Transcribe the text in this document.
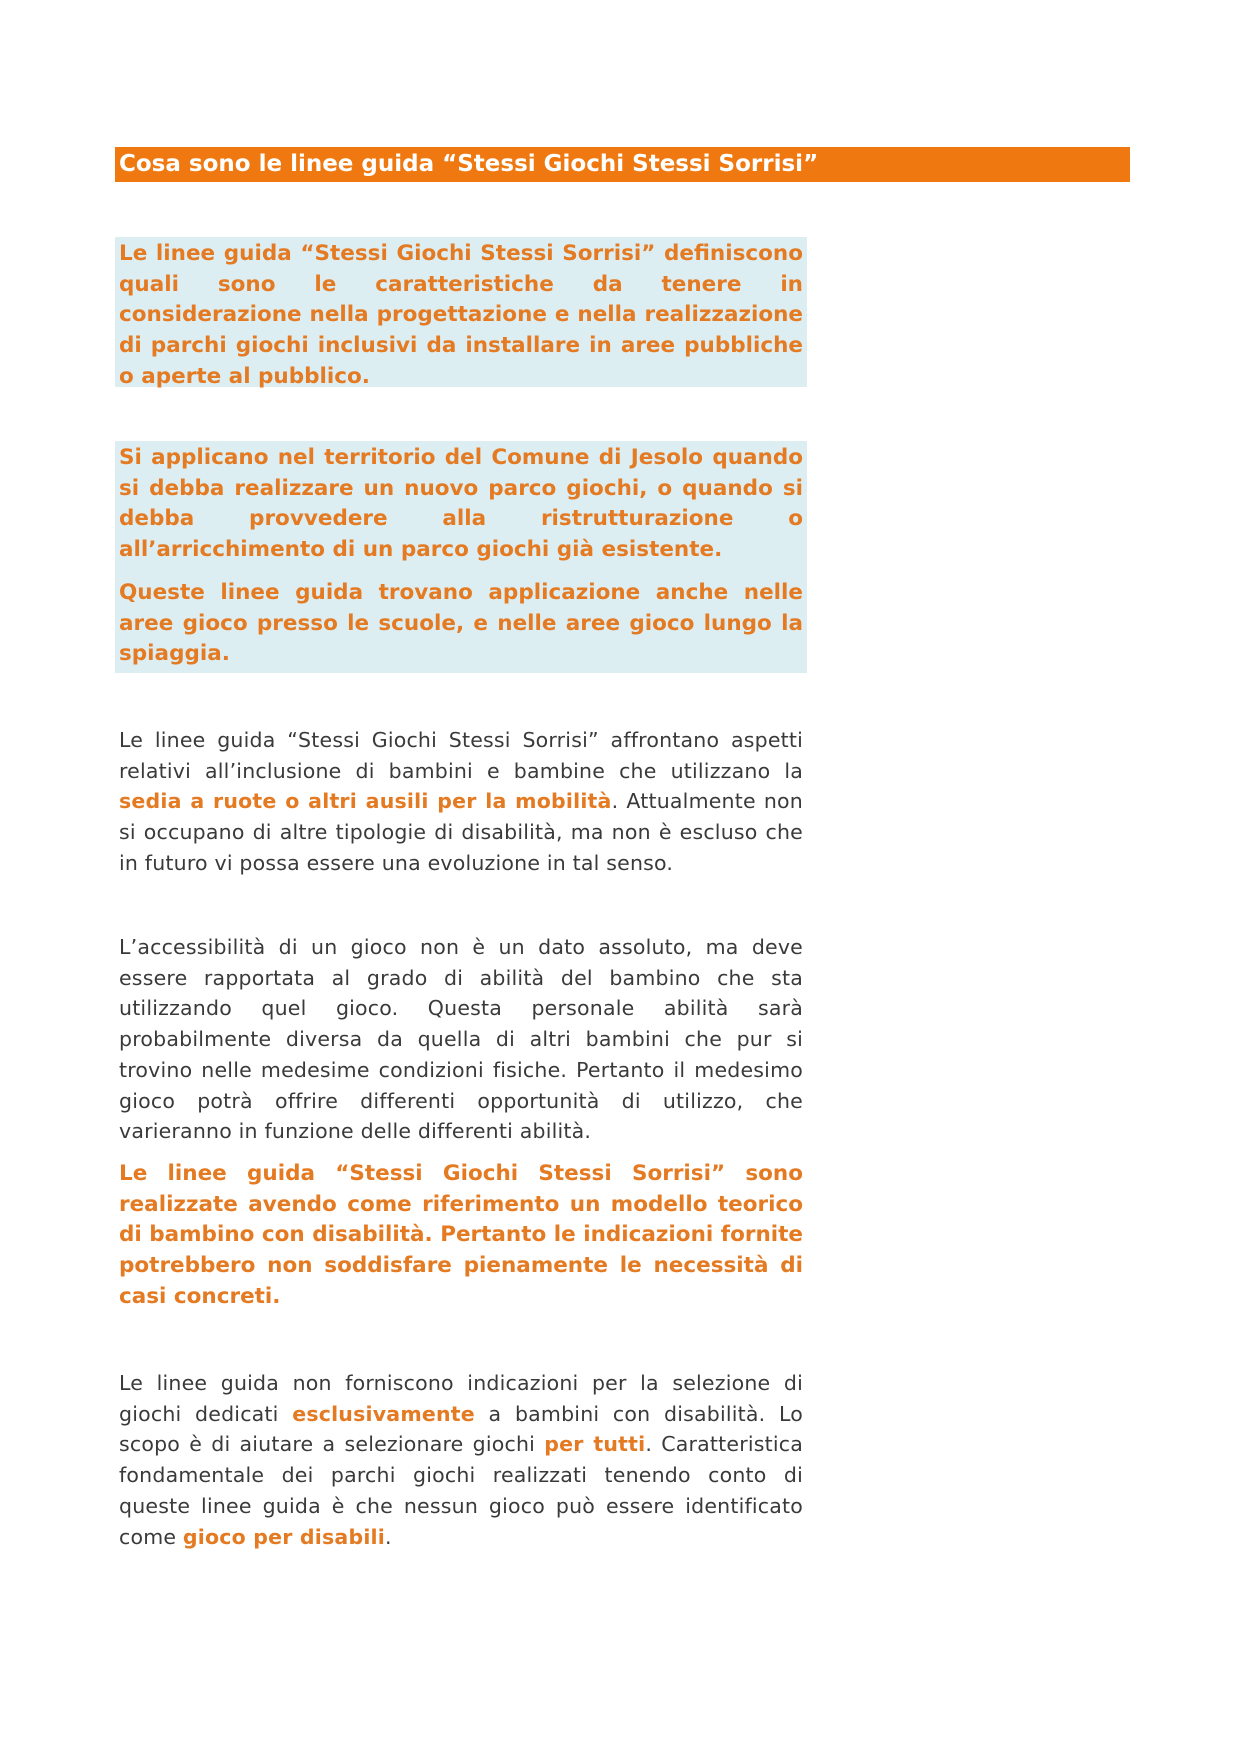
Cosa sono le linee guida “Stessi Giochi Stessi Sorrisi”

Le linee guida “Stessi Giochi Stessi Sorrisi” definiscono quali sono le caratteristiche da tenere in considerazione nella progettazione e nella realizzazione di parchi giochi inclusivi da installare in aree pubbliche o aperte al pubblico.

Si applicano nel territorio del Comune di Jesolo quando si debba realizzare un nuovo parco giochi, o quando si debba provvedere alla ristrutturazione o all’arricchimento di un parco giochi già esistente.

Queste linee guida trovano applicazione anche nelle aree gioco presso le scuole, e nelle aree gioco lungo la spiaggia.

Le linee guida “Stessi Giochi Stessi Sorrisi” affrontano aspetti relativi all’inclusione di bambini e bambine che utilizzano la sedia a ruote o altri ausili per la mobilità. Attualmente non si occupano di altre tipologie di disabilità, ma non è escluso che in futuro vi possa essere una evoluzione in tal senso.

L’accessibilità di un gioco non è un dato assoluto, ma deve essere rapportata al grado di abilità del bambino che sta utilizzando quel gioco. Questa personale abilità sarà probabilmente diversa da quella di altri bambini che pur si trovino nelle medesime condizioni fisiche. Pertanto il medesimo gioco potrà offrire differenti opportunità di utilizzo, che varieranno in funzione delle differenti abilità.

Le linee guida “Stessi Giochi Stessi Sorrisi” sono realizzate avendo come riferimento un modello teorico di bambino con disabilità. Pertanto le indicazioni fornite potrebbero non soddisfare pienamente le necessità di casi concreti.

Le linee guida non forniscono indicazioni per la selezione di giochi dedicati esclusivamente a bambini con disabilità. Lo scopo è di aiutare a selezionare giochi per tutti. Caratteristica fondamentale dei parchi giochi realizzati tenendo conto di queste linee guida è che nessun gioco può essere identificato come gioco per disabili.
